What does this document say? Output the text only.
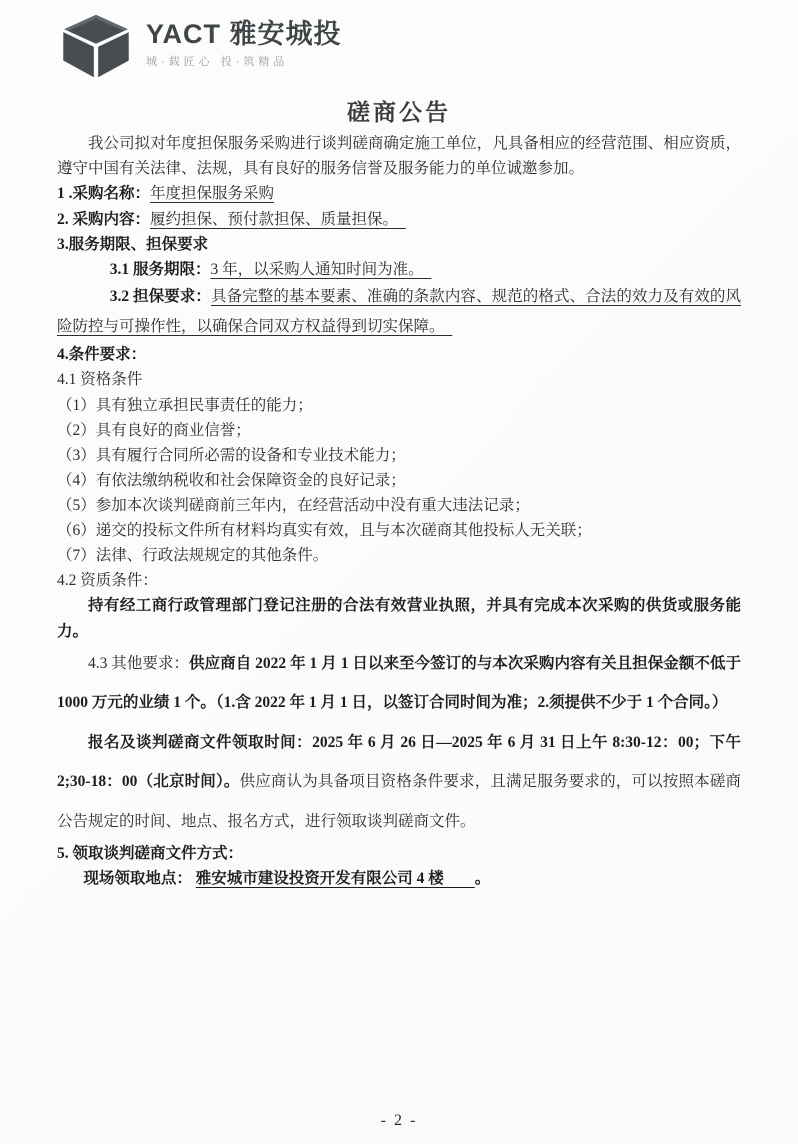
YACT 雅安城投
城·载匠心 投·筑精品
磋商公告

我公司拟对年度担保服务采购进行谈判磋商确定施工单位，凡具备相应的经营范围、相应资质，遵守中国有关法律、法规，具有良好的服务信誉及服务能力的单位诚邀参加。

1 .采购名称：年度担保服务采购

2. 采购内容：履约担保、预付款担保、质量担保。　

3.服务期限、担保要求

3.1 服务期限：3 年，以采购人通知时间为准。　

3.2 担保要求：具备完整的基本要素、准确的条款内容、规范的格式、合法的效力及有效的风险防控与可操作性，以确保合同双方权益得到切实保障。　

4.条件要求：

4.1 资格条件

（1）具有独立承担民事责任的能力；

（2）具有良好的商业信誉；

（3）具有履行合同所必需的设备和专业技术能力；

（4）有依法缴纳税收和社会保障资金的良好记录；

（5）参加本次谈判磋商前三年内，在经营活动中没有重大违法记录；

（6）递交的投标文件所有材料均真实有效，且与本次磋商其他投标人无关联；

（7）法律、行政法规规定的其他条件。

4.2 资质条件：

持有经工商行政管理部门登记注册的合法有效营业执照，并具有完成本次采购的供货或服务能力。

4.3 其他要求：供应商自 2022 年 1 月 1 日以来至今签订的与本次采购内容有关且担保金额不低于 1000 万元的业绩 1 个。（1.含 2022 年 1 月 1 日，以签订合同时间为准；2.须提供不少于 1 个合同。）

报名及谈判磋商文件领取时间：2025 年 6 月 26 日—2025 年 6 月 31 日上午 8:30-12：00；下午 2;30-18：00（北京时间）。供应商认为具备项目资格条件要求，且满足服务要求的，可以按照本磋商公告规定的时间、地点、报名方式，进行领取谈判磋商文件。

5. 领取谈判磋商文件方式：

现场领取地点： 雅安城市建设投资开发有限公司 4 楼　　。

- 2 -
